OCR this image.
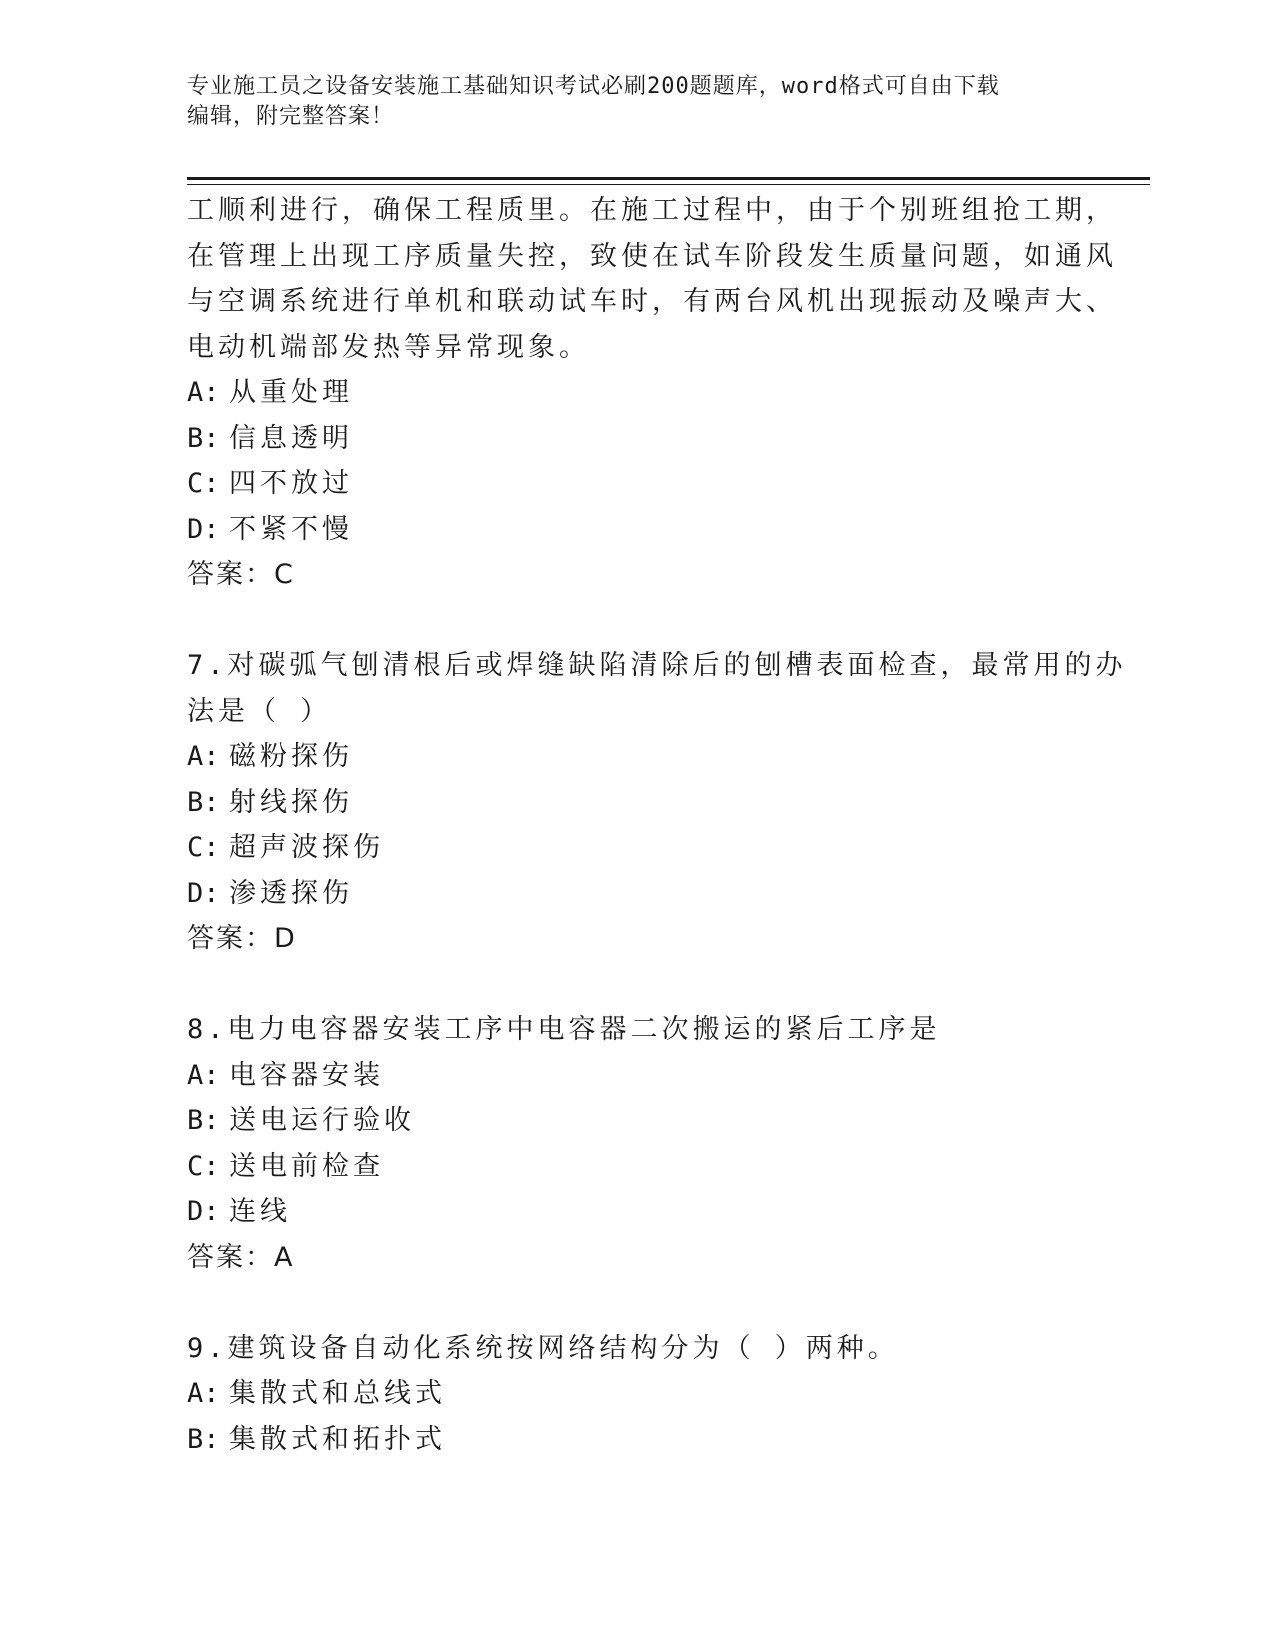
专业施工员之设备安装施工基础知识考试必刷200题题库，word格式可自由下载
编辑，附完整答案！
工顺利进行，确保工程质里。在施工过程中，由于个别班组抢工期，
在管理上出现工序质量失控，致使在试车阶段发生质量问题，如通风
与空调系统进行单机和联动试车时，有两台风机出现振动及噪声大、
电动机端部发热等异常现象。
A: 从重处理
B: 信息透明
C: 四不放过
D: 不紧不慢
答案：C
7.对碳弧气刨清根后或焊缝缺陷清除后的刨槽表面检查，最常用的办
法是（ ）
A: 磁粉探伤
B: 射线探伤
C: 超声波探伤
D: 渗透探伤
答案：D
8.电力电容器安装工序中电容器二次搬运的紧后工序是
A: 电容器安装
B: 送电运行验收
C: 送电前检查
D: 连线
答案：A
9.建筑设备自动化系统按网络结构分为（ ）两种。
A: 集散式和总线式
B: 集散式和拓扑式
